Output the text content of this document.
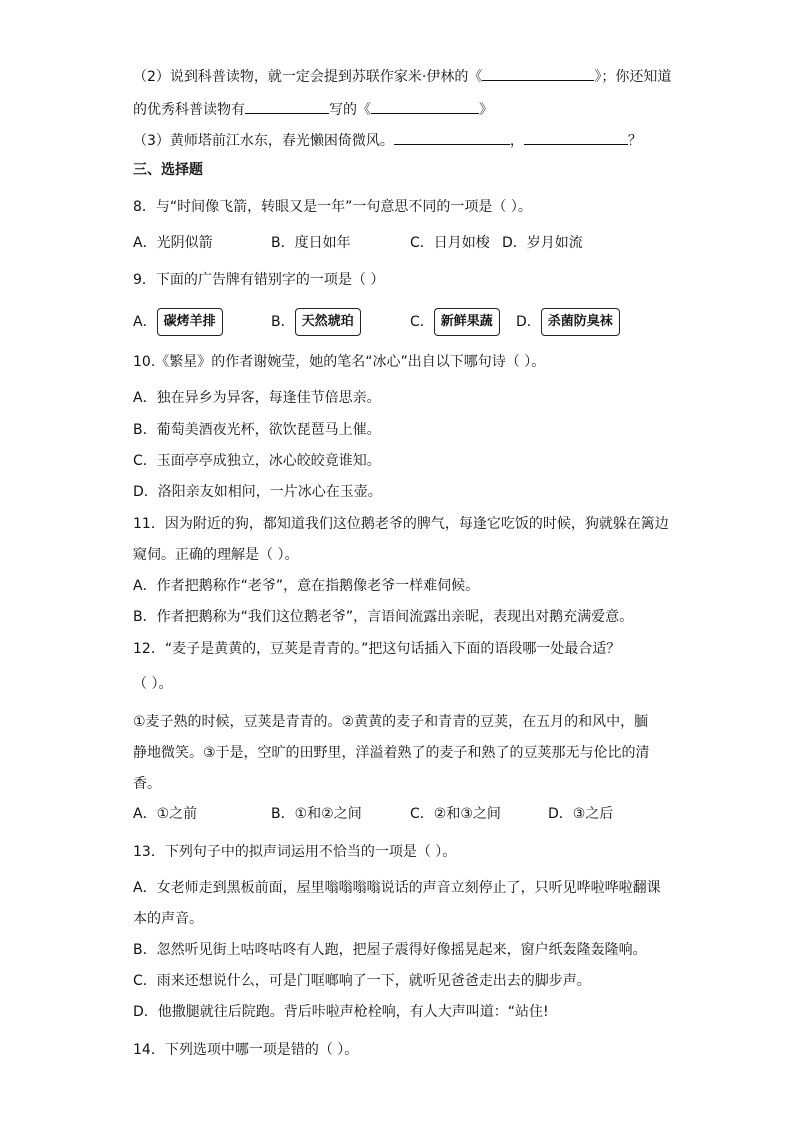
（2）说到科普读物，就一定会提到苏联作家米·伊林的《	》；你还知道
的优秀科普读物有	写的《	》
（3）黄师塔前江水东，春光懒困倚微风。	，	？
三、选择题
8．与“时间像飞箭，转眼又是一年”一句意思不同的一项是（ ）。
A．光阴似箭	B．度日如年	C．日月如梭 D．岁月如流
9．下面的广告牌有错别字的一项是（ ）
A． 碳烤羊排	B． 天然琥珀	C． 新鲜果蔬	D． 杀菌防臭袜
10.《繁星》的作者谢婉莹，她的笔名“冰心”出自以下哪句诗（ ）。
A．独在异乡为异客，每逢佳节倍思亲。
B．葡萄美酒夜光杯，欲饮琵琶马上催。
C．玉面亭亭成独立，冰心皎皎竟谁知。
D．洛阳亲友如相问，一片冰心在玉壶。
11．因为附近的狗，都知道我们这位鹅老爷的脾气，每逢它吃饭的时候，狗就躲在篱边
窥伺。正确的理解是（ ）。
A．作者把鹅称作“老爷”，意在指鹅像老爷一样难伺候。
B．作者把鹅称为“我们这位鹅老爷”，言语间流露出亲昵，表现出对鹅充满爱意。
12．“麦子是黄黄的，豆荚是青青的。”把这句话插入下面的语段哪一处最合适？
（ ）。
①麦子熟的时候，豆荚是青青的。②黄黄的麦子和青青的豆荚，在五月的和风中，腼
静地微笑。③于是，空旷的田野里，洋溢着熟了的麦子和熟了的豆荚那无与伦比的清
香。
A．①之前	B．①和②之间	C．②和③之间	D．③之后
13．下列句子中的拟声词运用不恰当的一项是（ ）。
A．女老师走到黑板前面，屋里嗡嗡嗡嗡说话的声音立刻停止了，只听见哗啦哗啦翻课
本的声音。
B．忽然听见街上咕咚咕咚有人跑，把屋子震得好像摇晃起来，窗户纸轰隆轰隆响。
C．雨来还想说什么，可是门哐啷响了一下，就听见爸爸走出去的脚步声。
D．他撒腿就往后院跑。背后咔啦声枪栓响，有人大声叫道：“站住!
14．下列选项中哪一项是错的（ ）。
